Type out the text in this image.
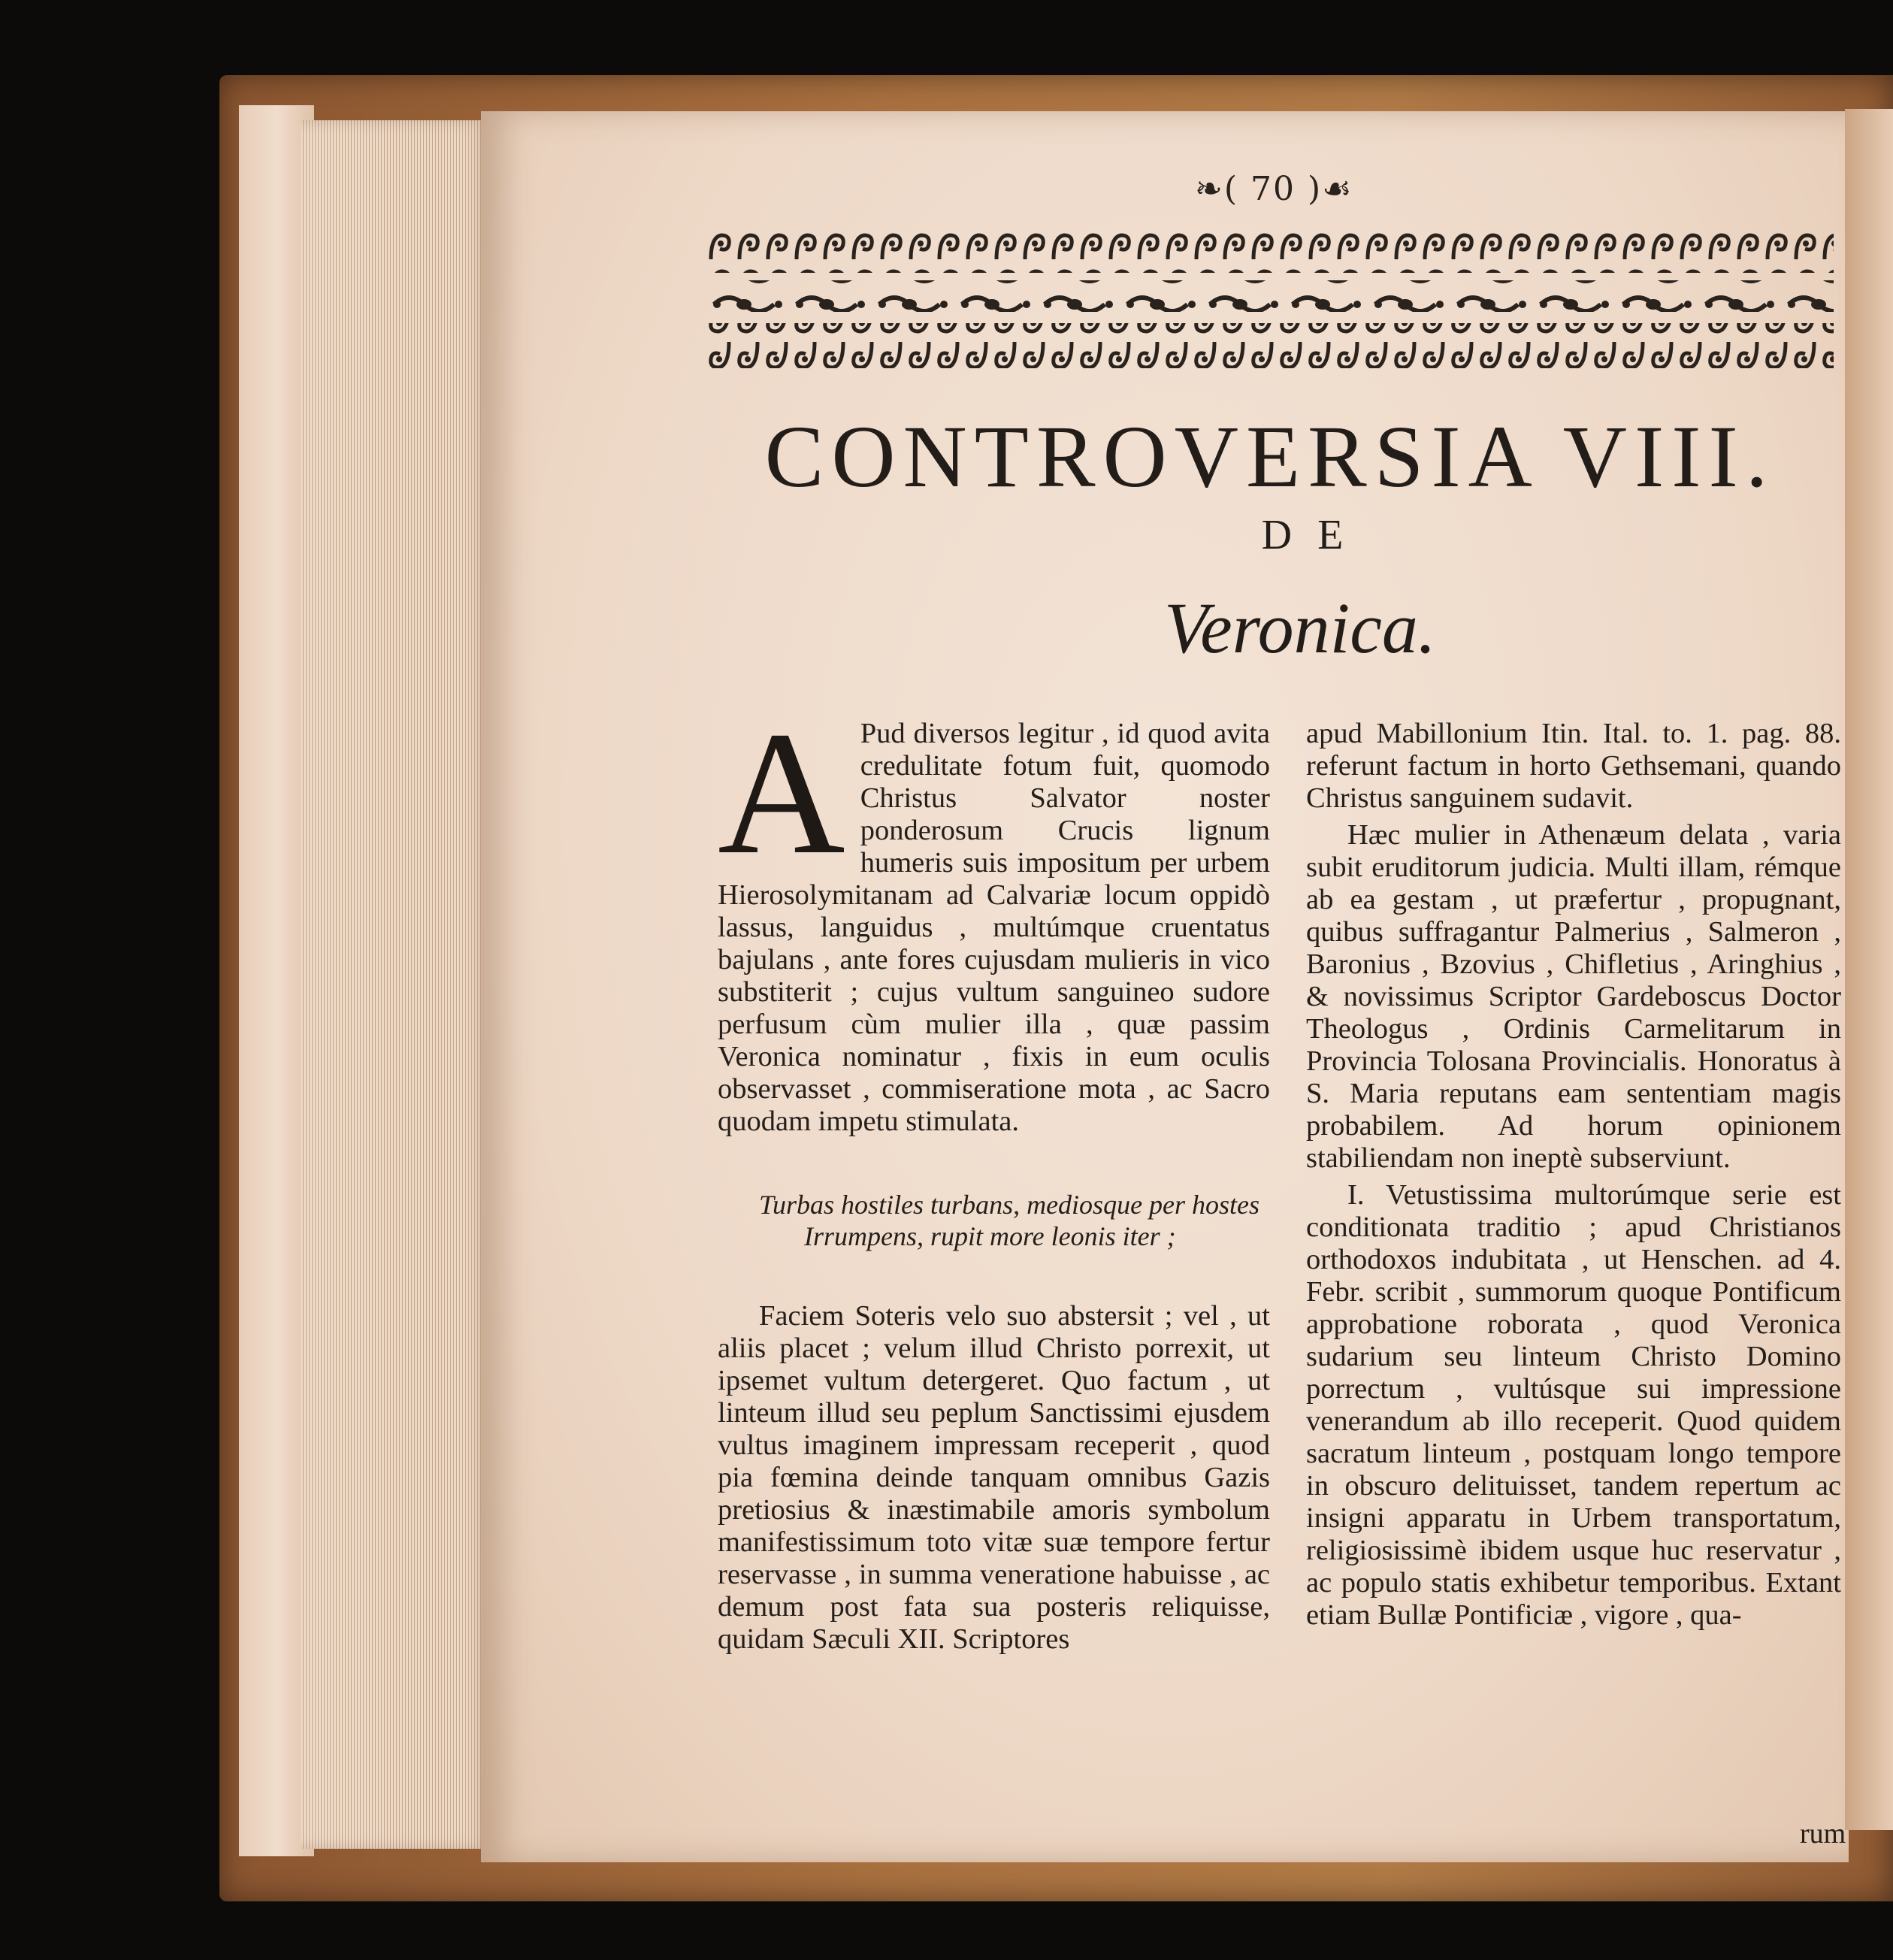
❧( 70 )☙
CONTROVERSIA VIII.
DE
Veronica.

A Pud diversos legitur , id quod avita credulitate fotum fuit, quomodo Christus Salvator noster ponderosum Crucis lignum humeris suis impositum per urbem Hierosolymitanam ad Calvariæ locum oppidò lassus, languidus , multúmque cruentatus bajulans , ante fores cujusdam mulieris in vico substiterit ; cujus vultum sanguineo sudore perfusum cùm mulier illa , quæ passim Veronica nominatur , fixis in eum oculis observasset , commiseratione mota , ac Sacro quodam impetu stimulata.

Turbas hostiles turbans, mediosque per hostes
Irrumpens, rupit more leonis iter ;

Faciem Soteris velo suo abstersit ; vel , ut aliis placet ; velum illud Christo porrexit, ut ipsemet vultum detergeret. Quo factum , ut linteum illud seu peplum Sanctissimi ejusdem vultus imaginem impressam receperit , quod pia fœmina deinde tanquam omnibus Gazis pretiosius & inæstimabile amoris symbolum manifestissimum toto vitæ suæ tempore fertur reservasse , in summa veneratione habuisse , ac demum post fata sua posteris reliquisse, quidam Sæculi XII. Scriptores

apud Mabillonium Itin. Ital. to. 1. pag. 88. referunt factum in horto Gethsemani, quando Christus sanguinem sudavit.

Hæc mulier in Athenæum delata , varia subit eruditorum judicia. Multi illam, rémque ab ea gestam , ut præfertur , propugnant, quibus suffragantur Palmerius , Salmeron , Baronius , Bzovius , Chifletius , Aringhius , & novissimus Scriptor Gardeboscus Doctor Theologus , Ordinis Carmelitarum in Provincia Tolosana Provincialis. Honoratus à S. Maria reputans eam sententiam magis probabilem. Ad horum opinionem stabiliendam non ineptè subserviunt.

I. Vetustissima multorúmque serie est conditionata traditio ; apud Christianos orthodoxos indubitata , ut Henschen. ad 4. Febr. scribit , summorum quoque Pontificum approbatione roborata , quod Veronica sudarium seu linteum Christo Domino porrectum , vultúsque sui impressione venerandum ab illo receperit. Quod quidem sacratum linteum , postquam longo tempore in obscuro delituisset, tandem repertum ac insigni apparatu in Urbem transportatum, religiosissimè ibidem usque huc reservatur , ac populo statis exhibetur temporibus. Extant etiam Bullæ Pontificiæ , vigore , qua-

rum
